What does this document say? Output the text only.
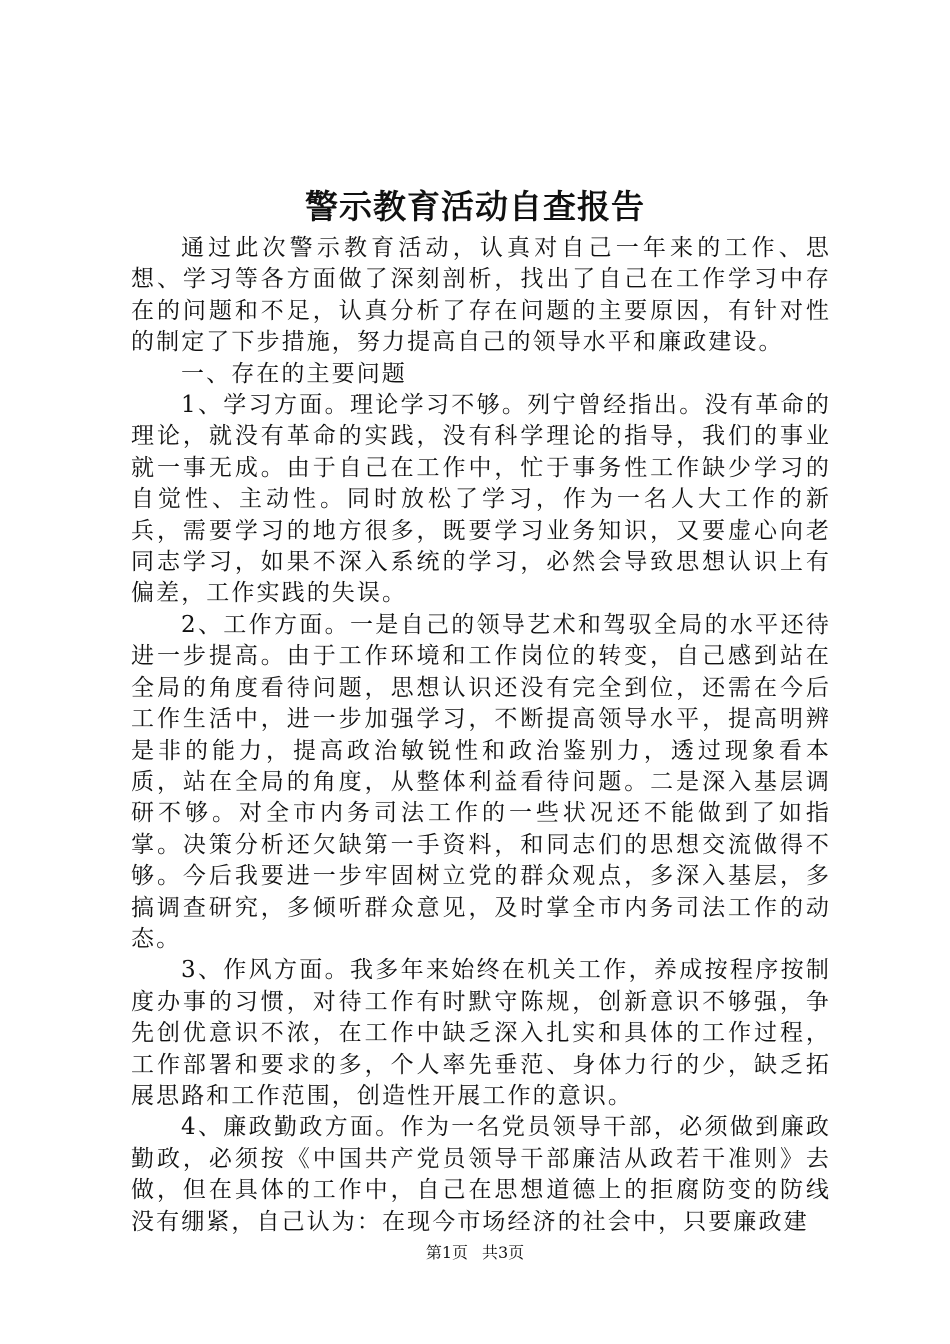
警示教育活动自查报告

通过此次警示教育活动，认真对自己一年来的工作、思想、学习等各方面做了深刻剖析，找出了自己在工作学习中存在的问题和不足，认真分析了存在问题的主要原因，有针对性的制定了下步措施，努力提高自己的领导水平和廉政建设。

一、存在的主要问题

1、学习方面。理论学习不够。列宁曾经指出。没有革命的理论，就没有革命的实践，没有科学理论的指导，我们的事业就一事无成。由于自己在工作中，忙于事务性工作缺少学习的自觉性、主动性。同时放松了学习，作为一名人大工作的新兵，需要学习的地方很多，既要学习业务知识，又要虚心向老同志学习，如果不深入系统的学习，必然会导致思想认识上有偏差，工作实践的失误。

2、工作方面。一是自己的领导艺术和驾驭全局的水平还待进一步提高。由于工作环境和工作岗位的转变，自己感到站在全局的角度看待问题，思想认识还没有完全到位，还需在今后工作生活中，进一步加强学习，不断提高领导水平，提高明辨是非的能力，提高政治敏锐性和政治鉴别力，透过现象看本质，站在全局的角度，从整体利益看待问题。二是深入基层调研不够。对全市内务司法工作的一些状况还不能做到了如指掌。决策分析还欠缺第一手资料，和同志们的思想交流做得不够。今后我要进一步牢固树立党的群众观点，多深入基层，多搞调查研究，多倾听群众意见，及时掌全市内务司法工作的动态。

3、作风方面。我多年来始终在机关工作，养成按程序按制度办事的习惯，对待工作有时默守陈规，创新意识不够强，争先创优意识不浓，在工作中缺乏深入扎实和具体的工作过程，工作部署和要求的多，个人率先垂范、身体力行的少，缺乏拓展思路和工作范围，创造性开展工作的意识。

4、廉政勤政方面。作为一名党员领导干部，必须做到廉政勤政，必须按《中国共产党员领导干部廉洁从政若干准则》去做，但在具体的工作中，自己在思想道德上的拒腐防变的防线没有绷紧，自己认为：在现今市场经济的社会中，只要廉政建

第1页 共3页
